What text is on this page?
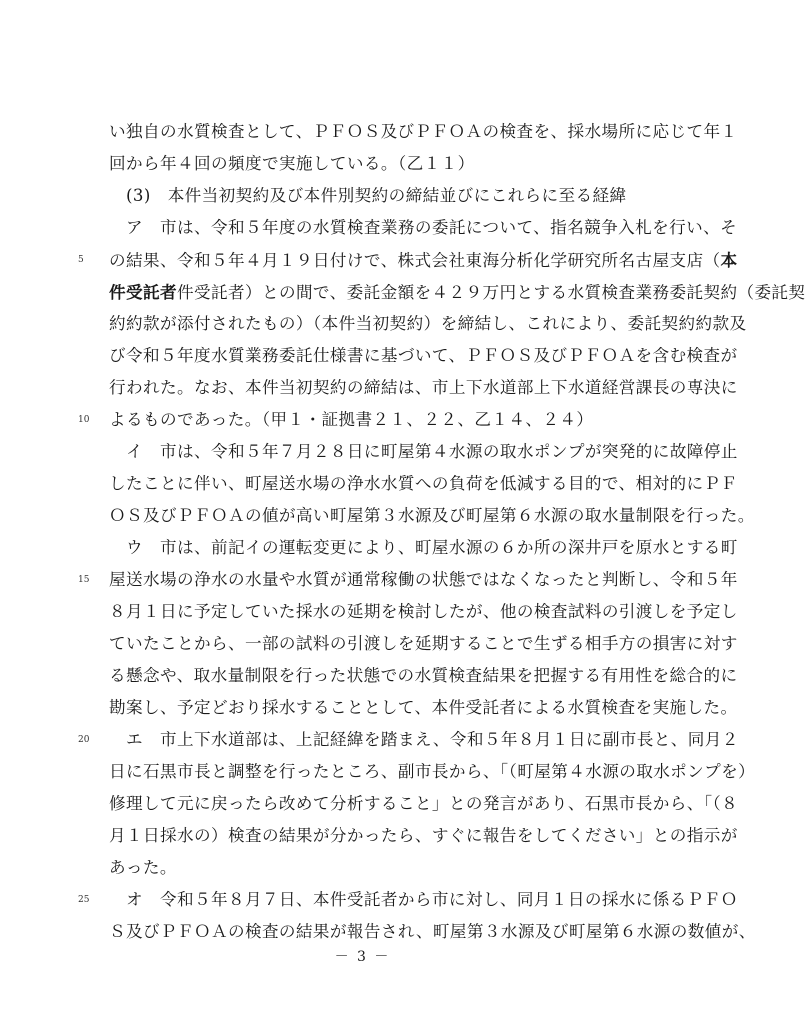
い独自の水質検査として、ＰＦＯＳ及びＰＦＯＡの検査を、採水場所に応じて年１
回から年４回の頻度で実施している。（乙１１）
　(3)　本件当初契約及び本件別契約の締結並びにこれらに至る経緯
　ア　市は、令和５年度の水質検査業務の委託について、指名競争入札を行い、そ
の結果、令和５年４月１９日付けで、株式会社東海分析化学研究所名古屋支店（本
5
件受託者件受託者）との間で、委託金額を４２９万円とする水質検査業務委託契約（委託契
約約款が添付されたもの）（本件当初契約）を締結し、これにより、委託契約約款及
び令和５年度水質業務委託仕様書に基づいて、ＰＦＯＳ及びＰＦＯＡを含む検査が
行われた。なお、本件当初契約の締結は、市上下水道部上下水道経営課長の専決に
よるものであった。（甲１・証拠書２１、２２、乙１４、２４）
10
　イ　市は、令和５年７月２８日に町屋第４水源の取水ポンプが突発的に故障停止
したことに伴い、町屋送水場の浄水水質への負荷を低減する目的で、相対的にＰＦ
ＯＳ及びＰＦＯＡの値が高い町屋第３水源及び町屋第６水源の取水量制限を行った。
　ウ　市は、前記イの運転変更により、町屋水源の６か所の深井戸を原水とする町
屋送水場の浄水の水量や水質が通常稼働の状態ではなくなったと判断し、令和５年
15
８月１日に予定していた採水の延期を検討したが、他の検査試料の引渡しを予定し
ていたことから、一部の試料の引渡しを延期することで生ずる相手方の損害に対す
る懸念や、取水量制限を行った状態での水質検査結果を把握する有用性を総合的に
勘案し、予定どおり採水することとして、本件受託者による水質検査を実施した。
　エ　市上下水道部は、上記経緯を踏まえ、令和５年８月１日に副市長と、同月２
20
日に石黒市長と調整を行ったところ、副市長から、「（町屋第４水源の取水ポンプを）
修理して元に戻ったら改めて分析すること」との発言があり、石黒市長から、「（８
月１日採水の）検査の結果が分かったら、すぐに報告をしてください」との指示が
あった。
　オ　令和５年８月７日、本件受託者から市に対し、同月１日の採水に係るＰＦＯ
25
Ｓ及びＰＦＯＡの検査の結果が報告され、町屋第３水源及び町屋第６水源の数値が、
－ 3 －
